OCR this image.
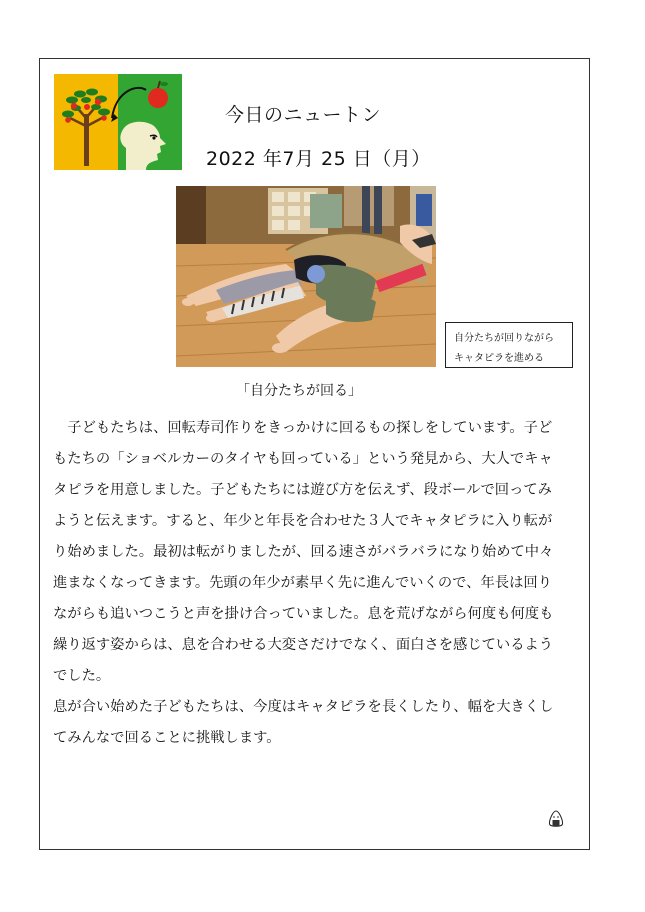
今日のニュートン
2022 年7月 25 日（月）
自分たちが回りながら
キャタピラを進める
「自分たちが回る」
　子どもたちは、回転寿司作りをきっかけに回るもの探しをしています。子ど
もたちの「ショベルカーのタイヤも回っている」という発見から、大人でキャ
タピラを用意しました。子どもたちには遊び方を伝えず、段ボールで回ってみ
ようと伝えます。すると、年少と年長を合わせた３人でキャタピラに入り転が
り始めました。最初は転がりましたが、回る速さがバラバラになり始めて中々
進まなくなってきます。先頭の年少が素早く先に進んでいくので、年長は回り
ながらも追いつこうと声を掛け合っていました。息を荒げながら何度も何度も
繰り返す姿からは、息を合わせる大変さだけでなく、面白さを感じているよう
でした。
息が合い始めた子どもたちは、今度はキャタピラを長くしたり、幅を大きくし
てみんなで回ることに挑戦します。
